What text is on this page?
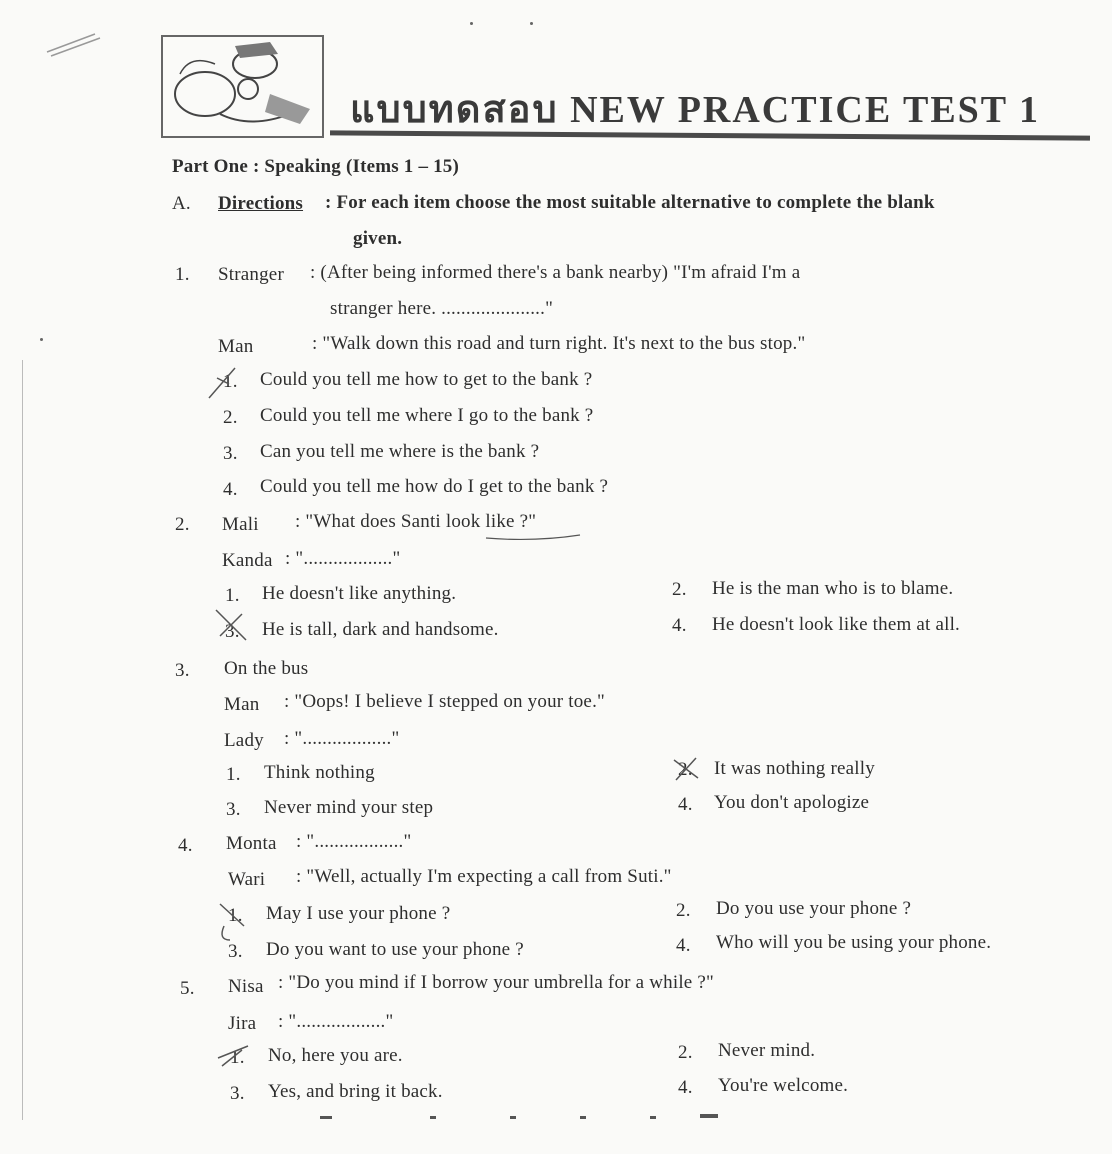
แบบทดสอบ NEW PRACTICE TEST 1
Part One : Speaking (Items 1 – 15)
A. Directions : For each item choose the most suitable alternative to complete the blank
given.
1. Stranger : (After being informed there's a bank nearby) "I'm afraid I'm a
stranger here. ....................."
Man	: "Walk down this road and turn right. It's next to the bus stop."
1. Could you tell me how to get to the bank ?
2. Could you tell me where I go to the bank ?
3. Can you tell me where is the bank ?
4. Could you tell me how do I get to the bank ?
2. Mali : "What does Santi look like ?"
Kanda : ".................."
1. He doesn't like anything.	2. He is the man who is to blame.
3. He is tall, dark and handsome.	4. He doesn't look like them at all.
3. On the bus
Man : "Oops! I believe I stepped on your toe."
Lady : ".................."
1. Think nothing	2. It was nothing really
3. Never mind your step	4. You don't apologize
4. Monta : ".................."
Wari : "Well, actually I'm expecting a call from Suti."
1. May I use your phone ?	2. Do you use your phone ?
3. Do you want to use your phone ?	4. Who will you be using your phone.
5. Nisa : "Do you mind if I borrow your umbrella for a while ?"
Jira : ".................."
1. No, here you are.	2. Never mind.
3. Yes, and bring it back.	4. You're welcome.
